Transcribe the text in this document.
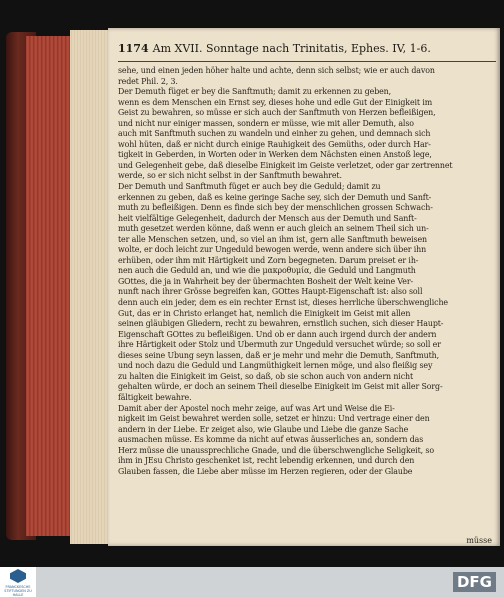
1174 Am XVII. Sonntage nach Trinitatis, Ephes. IV, 1-6.
sehe, und einen jeden höher halte und achte, denn sich selbst; wie er auch davon
redet Phil. 2, 3.
Der Demuth füget er bey die Sanftmuth; damit zu erkennen zu geben,
wenn es dem Menschen ein Ernst sey, dieses hohe und edle Gut der Einigkeit im
Geist zu bewahren, so müsse er sich auch der Sanftmuth von Herzen befleißigen,
und nicht nur einiger massen, sondern er müsse, wie mit aller Demuth, also
auch mit Sanftmuth suchen zu wandeln und einher zu gehen, und demnach sich
wohl hüten, daß er nicht durch einige Rauhigkeit des Gemüths, oder durch Har-
tigkeit in Geberden, in Worten oder in Werken dem Nächsten einen Anstoß lege,
und Gelegenheit gebe, daß dieselbe Einigkeit im Geiste verletzet, oder gar zertrennet
werde, so er sich nicht selbst in der Sanftmuth bewahret.
Der Demuth und Sanftmuth füget er auch bey die Geduld; damit zu
erkennen zu geben, daß es keine geringe Sache sey, sich der Demuth und Sanft-
muth zu befleißigen. Denn es finde sich bey der menschlichen grossen Schwach-
heit vielfältige Gelegenheit, dadurch der Mensch aus der Demuth und Sanft-
muth gesetzet werden könne, daß wenn er auch gleich an seinem Theil sich un-
ter alle Menschen setzen, und, so viel an ihm ist, gern alle Sanftmuth beweisen
wolte, er doch leicht zur Ungeduld bewogen werde, wenn andere sich über ihn
erhüben, oder ihm mit Härtigkeit und Zorn begegneten. Darum preiset er ih-
nen auch die Geduld an, und wie die μακροθυμία, die Geduld und Langmuth
GOttes, die ja in Wahrheit bey der übermachten Bosheit der Welt keine Ver-
nunft nach ihrer Grösse begreifen kan, GOttes Haupt-Eigenschaft ist: also soll
denn auch ein jeder, dem es ein rechter Ernst ist, dieses herrliche überschwengliche
Gut, das er in Christo erlanget hat, nemlich die Einigkeit im Geist mit allen
seinen gläubigen Gliedern, recht zu bewahren, ernstlich suchen, sich dieser Haupt-
Eigenschaft GOttes zu befleißigen. Und ob er dann auch irgend durch der andern
ihre Härtigkeit oder Stolz und Übermuth zur Ungeduld versuchet würde; so soll er
dieses seine Übung seyn lassen, daß er je mehr und mehr die Demuth, Sanftmuth,
und noch dazu die Geduld und Langmüthigkeit lernen möge, und also fleißig sey
zu halten die Einigkeit im Geist, so daß, ob sie schon auch von andern nicht
gehalten würde, er doch an seinem Theil dieselbe Einigkeit im Geist mit aller Sorg-
fältigkeit bewahre.
Damit aber der Apostel noch mehr zeige, auf was Art und Weise die Ei-
nigkeit im Geist bewahret werden solle, setzet er hinzu: Und vertrage einer den
andern in der Liebe. Er zeiget also, wie Glaube und Liebe die ganze Sache
ausmachen müsse. Es komme da nicht auf etwas äusserliches an, sondern das
Herz müsse die unaussprechliche Gnade, und die überschwengliche Seligkeit, so
ihm in JEsu Christo geschenket ist, recht lebendig erkennen, und durch den
Glauben fassen, die Liebe aber müsse im Herzen regieren, oder der Glaube
müsse
FRANCKESCHE STIFTUNGEN ZU HALLE
DFG
